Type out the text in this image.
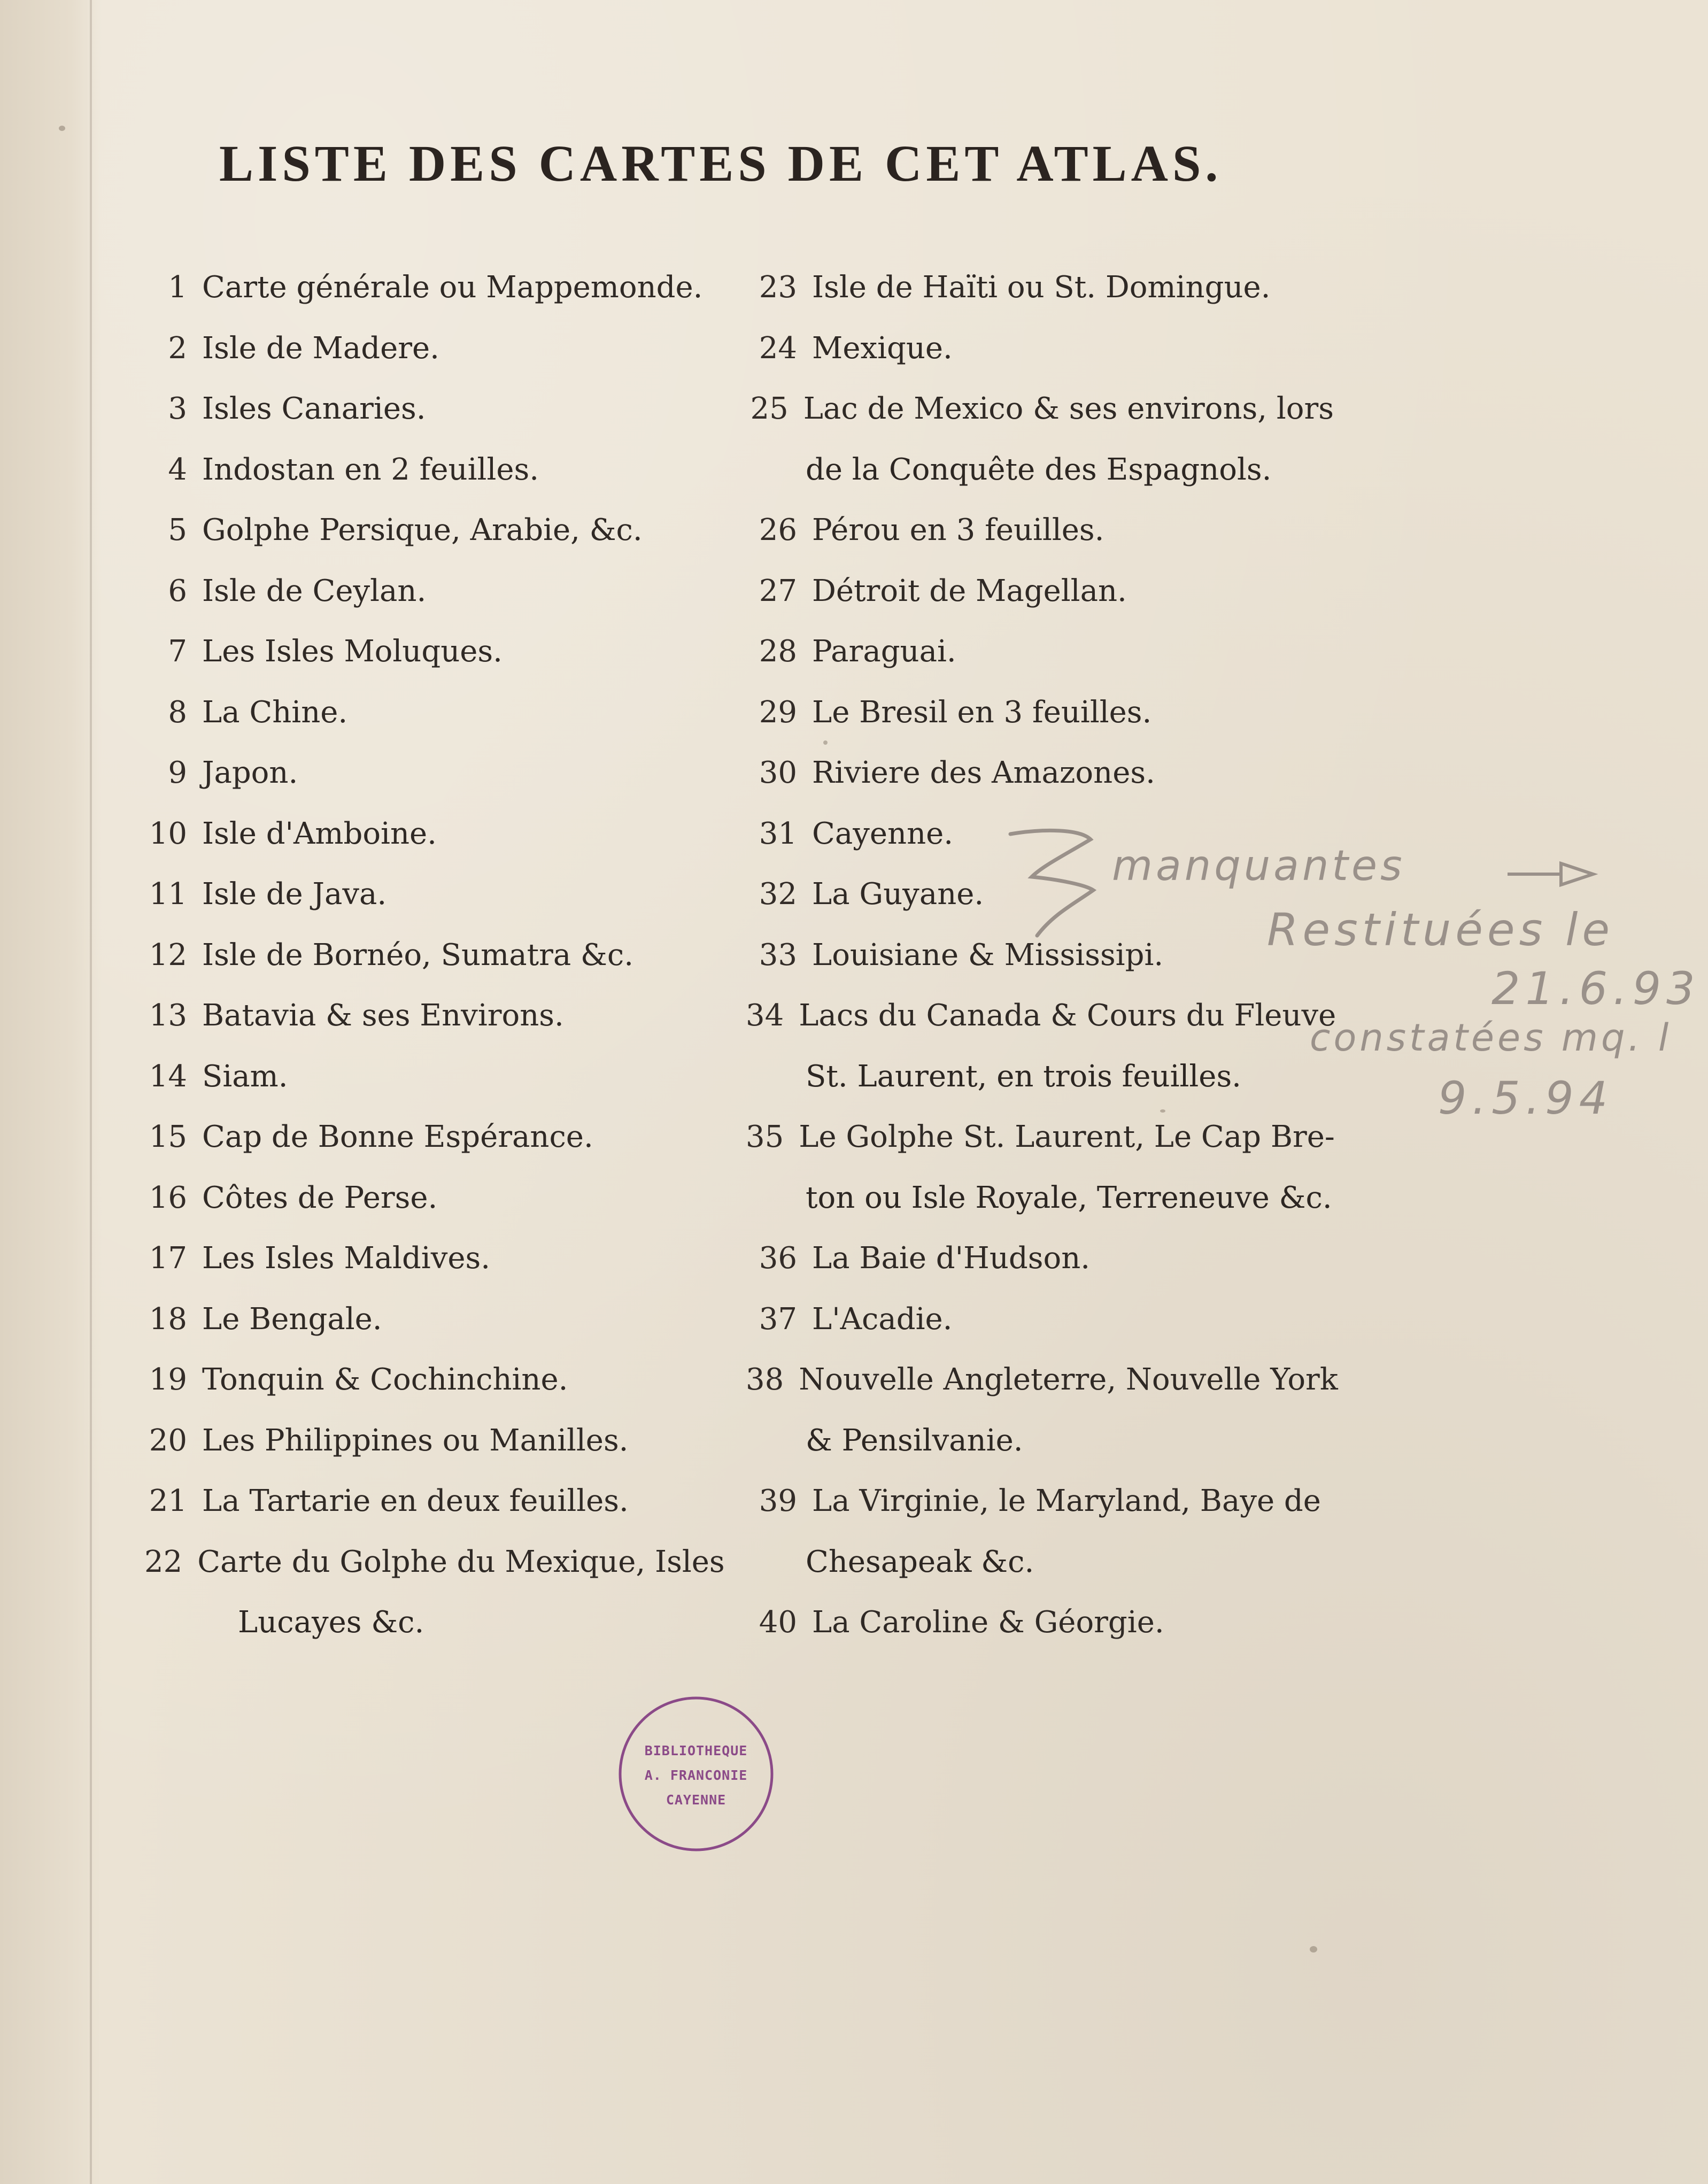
LISTE DES CARTES DE CET ATLAS.
1 Carte générale ou Mappemonde.
2 Isle de Madere.
3 Isles Canaries.
4 Indostan en 2 feuilles.
5 Golphe Persique, Arabie, &c.
6 Isle de Ceylan.
7 Les Isles Moluques.
8 La Chine.
9 Japon.
10 Isle d'Amboine.
11 Isle de Java.
12 Isle de Bornéo, Sumatra &c.
13 Batavia & ses Environs.
14 Siam.
15 Cap de Bonne Espérance.
16 Côtes de Perse.
17 Les Isles Maldives.
18 Le Bengale.
19 Tonquin & Cochinchine.
20 Les Philippines ou Manilles.
21 La Tartarie en deux feuilles.
22 Carte du Golphe du Mexique, Isles
Lucayes &c.
23 Isle de Haïti ou St. Domingue.
24 Mexique.
25 Lac de Mexico & ses environs, lors
de la Conquête des Espagnols.
26 Pérou en 3 feuilles.
27 Détroit de Magellan.
28 Paraguai.
29 Le Bresil en 3 feuilles.
30 Riviere des Amazones.
31 Cayenne.
32 La Guyane.
33 Louisiane & Mississipi.
34 Lacs du Canada & Cours du Fleuve
St. Laurent, en trois feuilles.
35 Le Golphe St. Laurent, Le Cap Bre-
ton ou Isle Royale, Terreneuve &c.
36 La Baie d'Hudson.
37 L'Acadie.
38 Nouvelle Angleterre, Nouvelle York
& Pensilvanie.
39 La Virginie, le Maryland, Baye de
Chesapeak &c.
40 La Caroline & Géorgie.
manquantes
Restituées le
21.6.93
constatées mq. l
9.5.94
BIBLIOTHEQUE
A. FRANCONIE
CAYENNE
